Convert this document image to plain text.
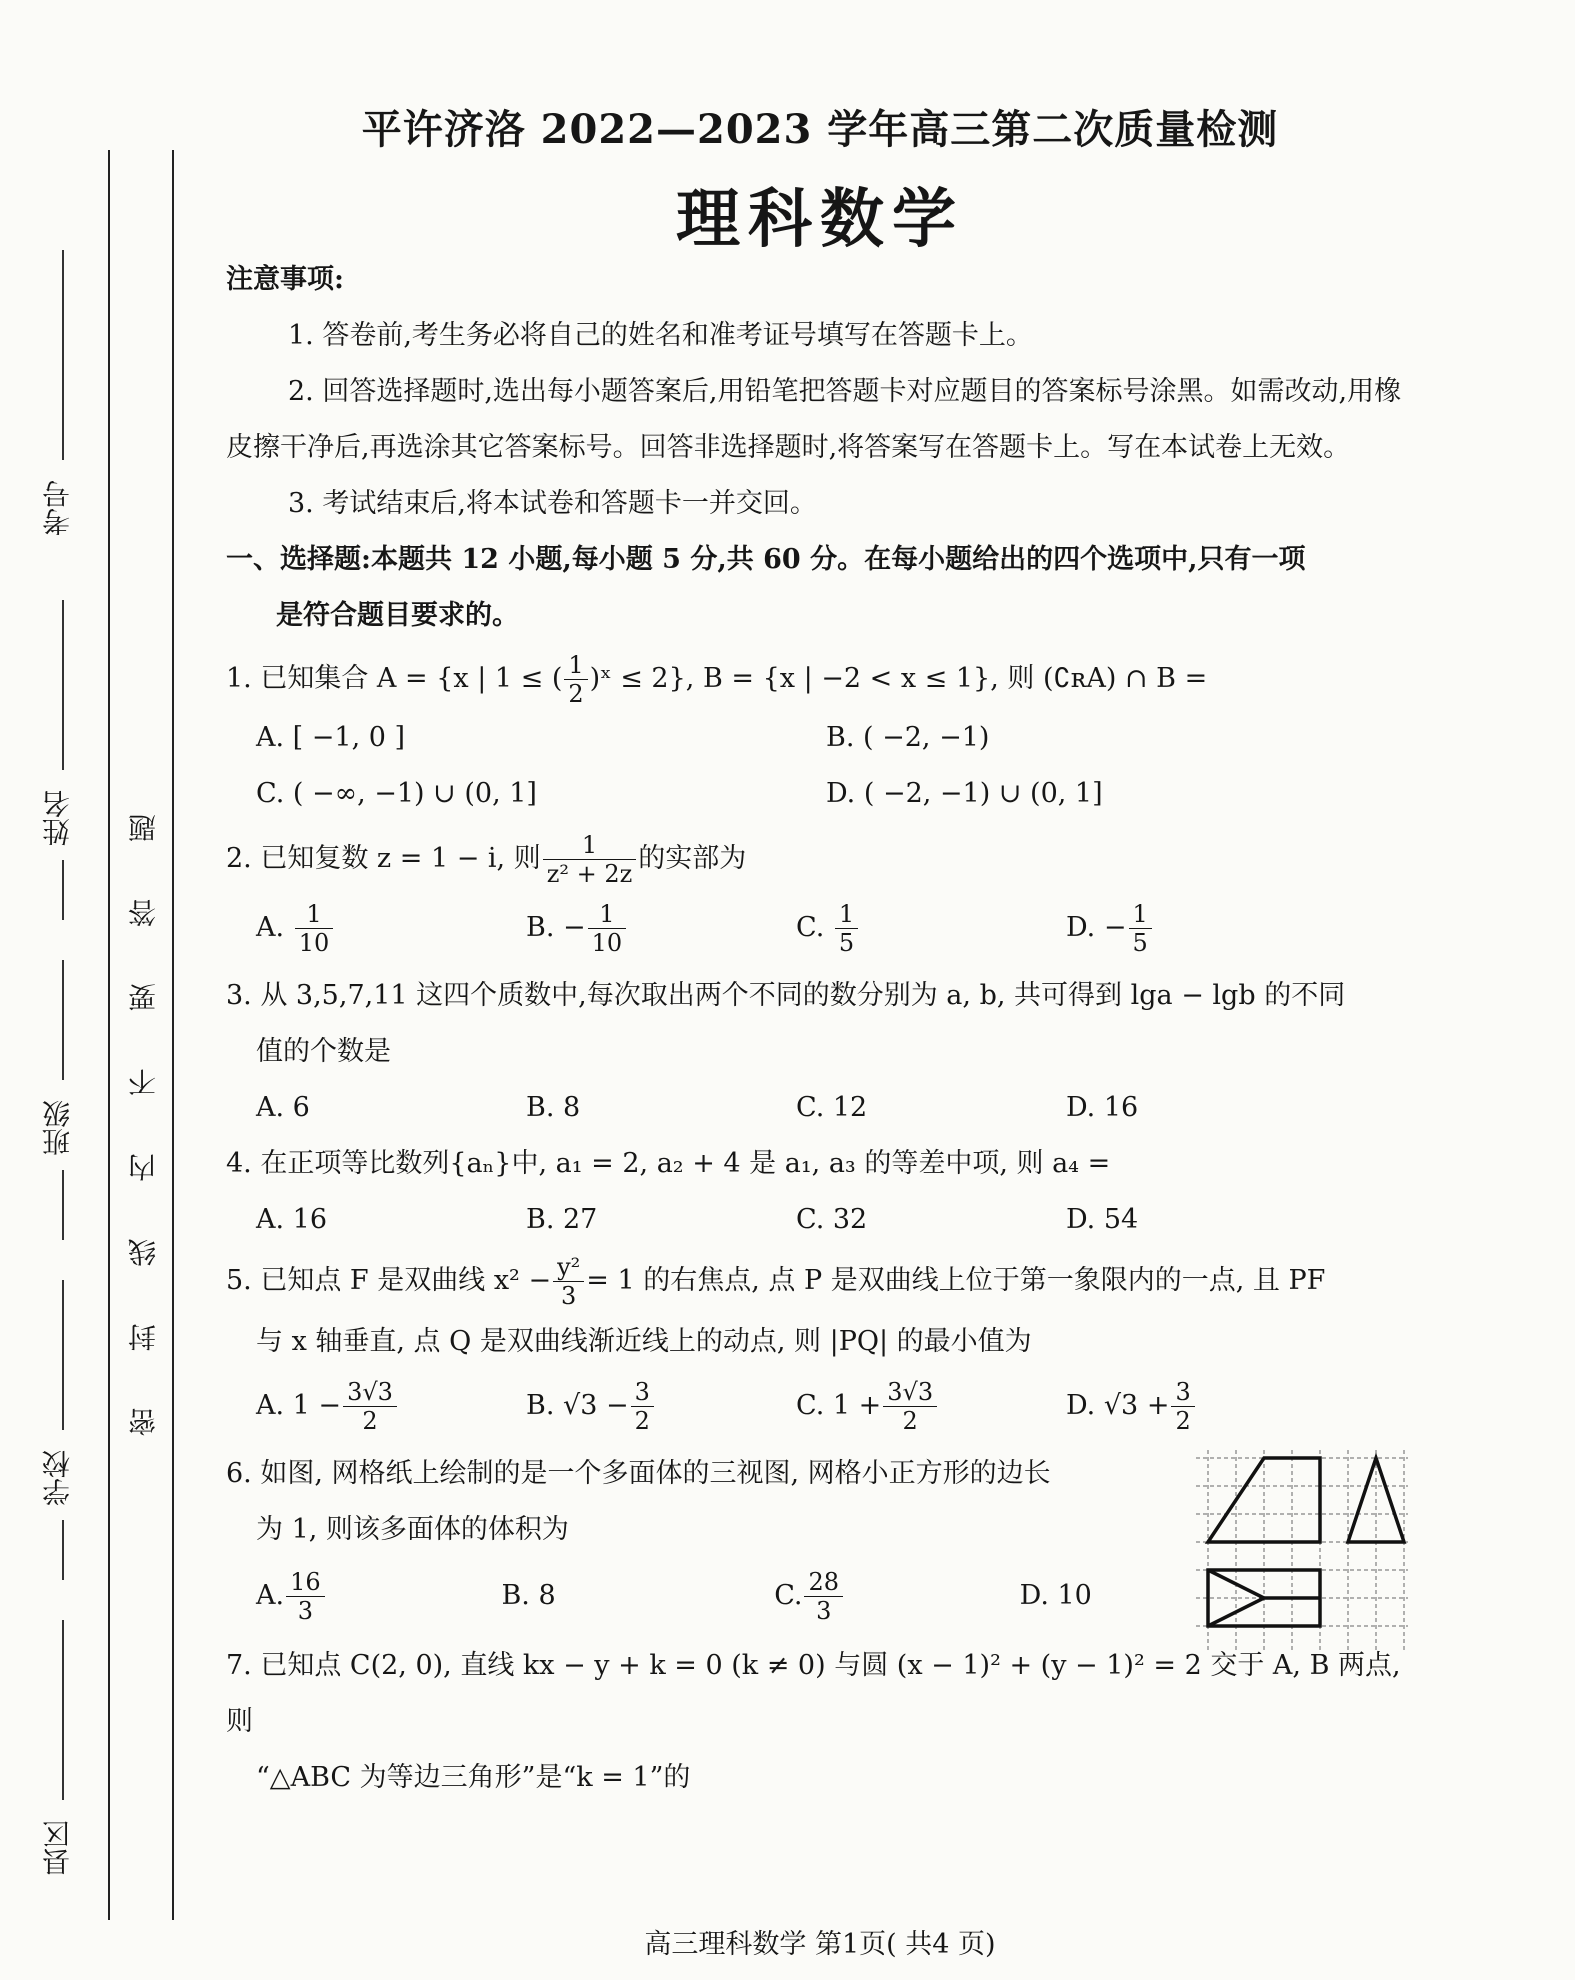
考号
姓名
班级
学校
县区
密 封 线 内 不 要 答 题
平许济洛 2022—2023 学年高三第二次质量检测
理科数学
注意事项:
1. 答卷前,考生务必将自己的姓名和准考证号填写在答题卡上。
2. 回答选择题时,选出每小题答案后,用铅笔把答题卡对应题目的答案标号涂黑。如需改动,用橡皮擦干净后,再选涂其它答案标号。回答非选择题时,将答案写在答题卡上。写在本试卷上无效。
3. 考试结束后,将本试卷和答题卡一并交回。
一、选择题:本题共 12 小题,每小题 5 分,共 60 分。在每小题给出的四个选项中,只有一项
是符合题目要求的。
1. 已知集合 A = {x | 1 ≤ ( $\frac{1}{2}$ )ˣ ≤ 2}, B = {x | −2 < x ≤ 1}, 则 (∁ʀA) ∩ B =
A. [ −1, 0 ]	B. ( −2, −1)
C. ( −∞, −1) ∪ (0, 1]	D. ( −2, −1) ∪ (0, 1]
2. 已知复数 z = 1 − i, 则 $\frac{1}{\text{z² + 2z}}$ 的实部为
A. $\frac{1}{10}$	B. − $\frac{1}{10}$	C. $\frac{1}{5}$	D. − $\frac{1}{5}$
3. 从 3,5,7,11 这四个质数中,每次取出两个不同的数分别为 a, b, 共可得到 lga − lgb 的不同
值的个数是
A. 6	B. 8	C. 12	D. 16
4. 在正项等比数列{aₙ}中, a₁ = 2, a₂ + 4 是 a₁, a₃ 的等差中项, 则 a₄ =
A. 16	B. 27	C. 32	D. 54
5. 已知点 F 是双曲线 $x^2 - \frac{\text{y²}}{3} = 1$ 的右焦点, 点 P 是双曲线上位于第一象限内的一点, 且 PF
与 x 轴垂直, 点 Q 是双曲线渐近线上的动点, 则 |PQ| 的最小值为
A. $1 - \frac{3√3}{2}$	B. $√3 - \frac{3}{2}$	C. $1 + \frac{3√3}{2}$	D. $√3 + \frac{3}{2}$
6. 如图, 网格纸上绘制的是一个多面体的三视图, 网格小正方形的边长
为 1, 则该多面体的体积为
A. $\frac{16}{3}$	B. 8	C. $\frac{28}{3}$	D. 10
7. 已知点 C(2, 0), 直线 kx − y + k = 0 (k ≠ 0) 与圆 (x − 1)² + (y − 1)² = 2 交于 A, B 两点, 则
“△ABC 为等边三角形”是“k = 1”的
高三理科数学 第1页( 共4 页)
